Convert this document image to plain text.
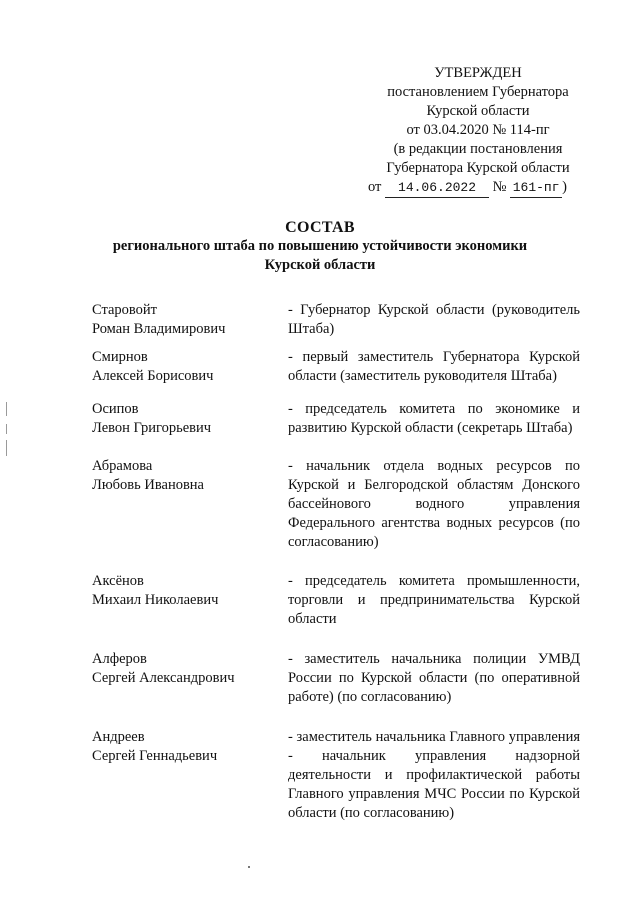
УТВЕРЖДЕН
постановлением Губернатора
Курской области
от 03.04.2020 № 114-пг
(в редакции постановления
Губернатора Курской области
от 14.06.2022 № 161-пг )
СОСТАВ
регионального штаба по повышению устойчивости экономики
Курской области
Старовойт
Роман Владимирович
- Губернатор Курской области (руководитель Штаба)
Смирнов
Алексей Борисович
- первый заместитель Губернатора Курской области (заместитель руководителя Штаба)
Осипов
Левон Григорьевич
- председатель комитета по экономике и развитию Курской области (секретарь Штаба)
Абрамова
Любовь Ивановна
- начальник отдела водных ресурсов по Курской и Белгородской областям Донского бассейнового водного управления Федерального агентства водных ресурсов (по согласованию)
Аксёнов
Михаил Николаевич
- председатель комитета промышленности, торговли и предпринимательства Курской области
Алферов
Сергей Александрович
- заместитель начальника полиции УМВД России по Курской области (по оперативной работе) (по согласованию)
Андреев
Сергей Геннадьевич
- заместитель начальника Главного управления - начальник управления надзорной деятельности и профилактической работы Главного управления МЧС России по Курской области (по согласованию)
